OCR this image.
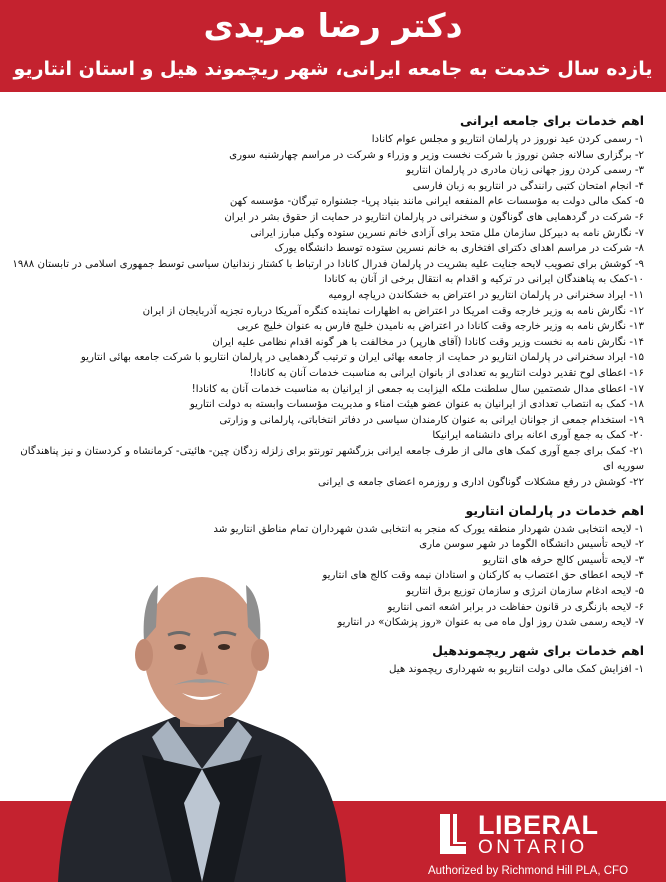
دکتر رضا مریدی
یازده سال خدمت به جامعه ایرانی، شهر ریچموند هیل و استان انتاریو
اهم خدمات برای جامعه ایرانی

۱- رسمی کردن عید نوروز در پارلمان انتاریو و مجلس عوام کانادا

۲- برگزاری سالانه جشن نوروز با شرکت نخست وزیر و وزراء و شرکت در مراسم چهارشنبه سوری

۳- رسمی کردن روز جهانی زبان مادری در پارلمان انتاریو

۴- انجام امتحان کتبی رانندگی در انتاریو به زبان فارسی

۵- کمک مالی دولت به مؤسسات عام المنفعه ایرانی مانند بنیاد پریا- جشنواره تیرگان- مؤسسه کهن

۶- شرکت در گردهمایی های گوناگون و سخنرانی در پارلمان انتاریو در حمایت از حقوق بشر در ایران

۷- نگارش نامه به دبیرکل سازمان ملل متحد برای آزادی خانم نسرین ستوده وکیل مبارز ایرانی

۸- شرکت در مراسم اهدای دکترای افتخاری به خانم نسرین ستوده توسط دانشگاه یورک

۹- کوشش برای تصویب لایحه جنایت علیه بشریت در پارلمان فدرال کانادا در ارتباط با کشتار زندانیان سیاسی توسط جمهوری اسلامی در تابستان ۱۹۸۸

۱۰-کمک به پناهندگان ایرانی در ترکیه و اقدام به انتقال برخی از آنان به کانادا

۱۱- ایراد سخنرانی در پارلمان انتاریو در اعتراض به خشکاندن دریاچه ارومیه

۱۲- نگارش نامه به وزیر خارجه وقت امریکا در اعتراض به اظهارات نماینده کنگره آمریکا درباره تجزیه آذربایجان از ایران

۱۳- نگارش نامه به وزیر خارجه وقت کانادا در اعتراض به نامیدن خلیج فارس به عنوان خلیج عربی

۱۴- نگارش نامه به نخست وزیر وقت کانادا (آقای هارپر) در مخالفت با هر گونه اقدام نظامی علیه ایران

۱۵- ایراد سخنرانی در پارلمان انتاریو در حمایت از جامعه بهائی ایران و ترتیب گردهمایی در پارلمان انتاریو با شرکت جامعه بهائی انتاریو

۱۶- اعطای لوح تقدیر دولت انتاریو به تعدادی از بانوان ایرانی به مناسبت خدمات آنان به کانادا!

۱۷- اعطای مدال شصتمین سال سلطنت ملکه الیزابت به جمعی از ایرانیان به مناسبت خدمات آنان به کانادا!

۱۸- کمک به انتصاب تعدادی از ایرانیان به عنوان عضو هیئت امناء و مدیریت مؤسسات وابسته به دولت انتاریو

۱۹- استخدام جمعی از جوانان ایرانی به عنوان کارمندان سیاسی در دفاتر انتخاباتی، پارلمانی و وزارتی

۲۰- کمک به جمع آوری اعانه برای دانشنامه ایرانیکا

۲۱- کمک برای جمع آوری کمک های مالی از طرف جامعه ایرانی بزرگشهر تورنتو برای زلزله زدگان چین- هائیتی- کرمانشاه و کردستان و نیز پناهندگان سوریه ای

۲۲- کوشش در رفع مشکلات گوناگون اداری و روزمره اعضای جامعه ی ایرانی

اهم خدمات در پارلمان انتاریو

۱- لایحه انتخابی شدن شهردار منطقه یورک که منجر به انتخابی شدن شهرداران تمام مناطق انتاریو شد

۲- لایحه تأسیس دانشگاه الگوما در شهر سوسن ماری

۳- لایحه تأسیس کالج حرفه های انتاریو

۴- لایحه اعطای حق اعتصاب به کارکنان و استادان نیمه وقت کالج های انتاریو

۵- لایحه ادغام سازمان انرژی و سازمان توزیع برق انتاریو

۶- لایحه بازنگری در قانون حفاظت در برابر اشعه اتمی انتاریو

۷- لایحه رسمی شدن روز اول ماه می به عنوان «روز پزشکان» در انتاریو

اهم خدمات برای شهر ریچموندهیل

۱- افزایش کمک مالی دولت انتاریو به شهرداری ریچموند هیل

LIBERAL
ONTARIO
Authorized by Richmond Hill PLA, CFO
